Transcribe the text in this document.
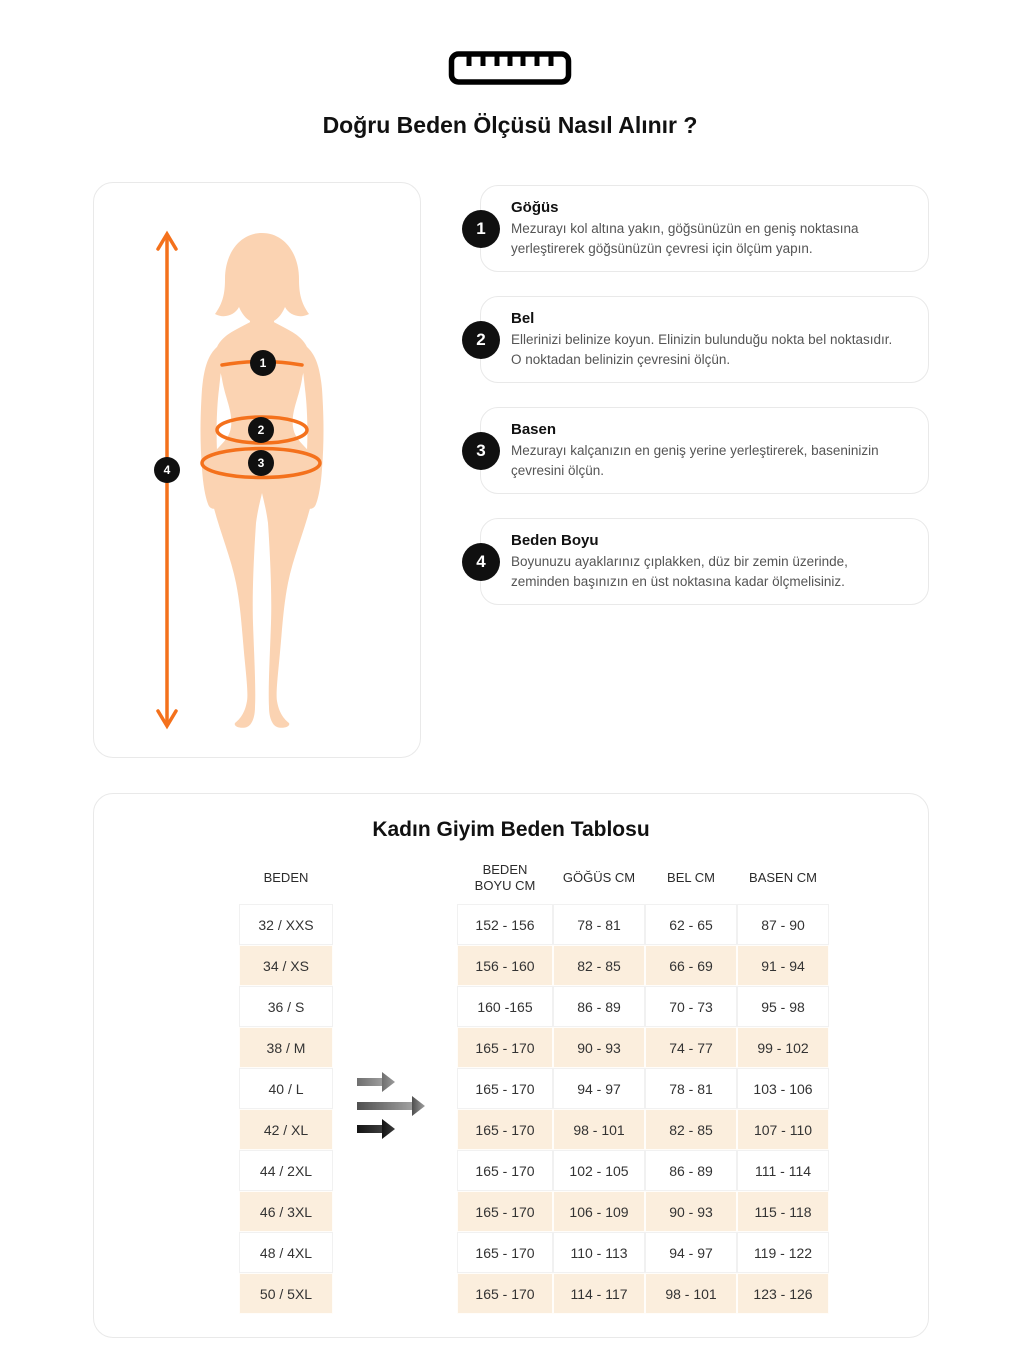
Doğru Beden Ölçüsü Nasıl Alınır ?
1
2
3
4
1

Göğüs

Mezurayı kol altına yakın, göğsünüzün en geniş noktasına yerleştirerek göğsünüzün çevresi için ölçüm yapın.

2

Bel

Ellerinizi belinize koyun. Elinizin bulunduğu nokta bel noktasıdır. O noktadan belinizin çevresini ölçün.

3

Basen

Mezurayı kalçanızın en geniş yerine yerleştirerek, baseninizin çevresini ölçün.

4

Beden Boyu

Boyunuzu ayaklarınız çıplakken, düz bir zemin üzerinde, zeminden başınızın en üst noktasına kadar ölçmelisiniz.

Kadın Giyim Beden Tablosu
BEDEN
BEDEN BOYU CM
GÖĞÜS CM	BEL CM	BASEN CM
32 / XXS	152 - 156	78 - 81	62 - 65	87 - 90
34 / XS	156 - 160	82 - 85	66 - 69	91 - 94
36 / S	160 -165	86 - 89	70 - 73	95 - 98
38 / M	165 - 170	90 - 93	74 - 77	99 - 102
40 / L	165 - 170	94 - 97	78 - 81	103 - 106
42 / XL	165 - 170	98 - 101	82 - 85	107 - 110
44 / 2XL	165 - 170	102 - 105	86 - 89	111 - 114
46 / 3XL	165 - 170	106 - 109	90 - 93	115 - 118
48 / 4XL	165 - 170	110 - 113	94 - 97	119 - 122
50 / 5XL	165 - 170	114 - 117	98 - 101	123 - 126
